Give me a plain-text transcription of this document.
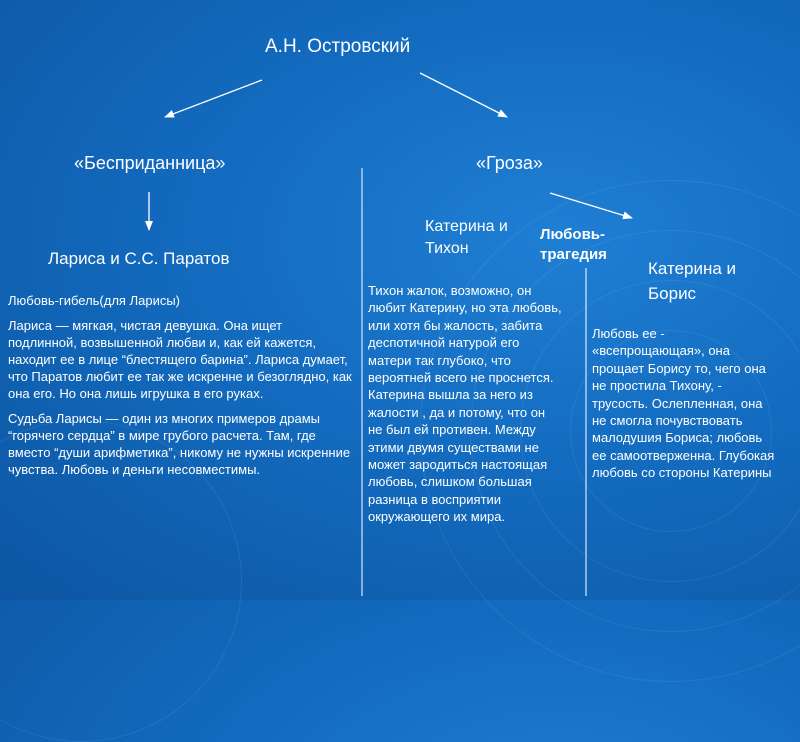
А.Н. Островский
«Бесприданница»	«Гроза»
Лариса и С.С. Паратов
Катерина и Тихон
Любовь-трагедия
Катерина и Борис
Любовь-гибель(для Ларисы)
Лариса — мягкая, чистая девушка. Она ищет подлинной, возвышенной любви и, как ей кажется, находит ее в лице “блестящего барина”. Лариса думает, что Паратов любит ее так же искренне и безоглядно, как она его. Но она лишь игрушка в его руках.
Судьба Ларисы — один из многих примеров драмы “горячего сердца” в мире грубого расчета. Там, где вместо “души арифметика”, никому не нужны искренние чувства. Любовь и деньги несовместимы.
Тихон жалок, возможно, он любит Катерину, но эта любовь, или хотя бы жалость, забита деспотичной натурой его матери так глубоко, что вероятней всего не проснется. Катерина вышла за него из жалости , да и потому, что он не был ей противен. Между этими двумя существами не может зародиться настоящая любовь, слишком большая разница в восприятии окружающего их мира.
Любовь ее - «всепрощающая», она прощает Борису то, чего она не простила Тихону, - трусость. Ослепленная, она не смогла почувствовать малодушия Бориса; любовь ее самоотверженна. Глубокая любовь со стороны Катерины
